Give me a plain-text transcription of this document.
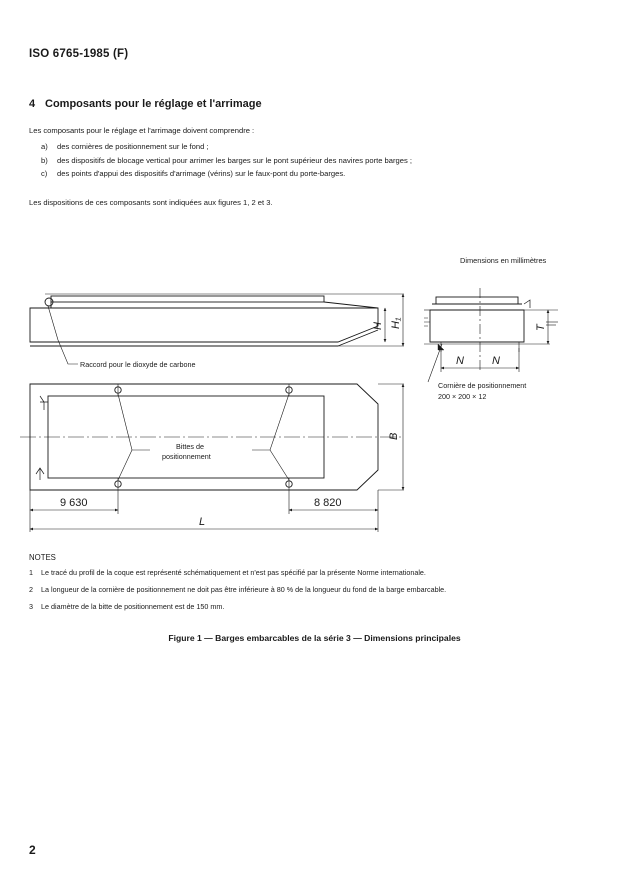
ISO 6765-1985 (F)
4 Composants pour le réglage et l'arrimage
Les composants pour le réglage et l'arrimage doivent comprendre :
a) des cornières de positionnement sur le fond ;
b) des dispositifs de blocage vertical pour arrimer les barges sur le pont supérieur des navires porte barges ;
c) des points d'appui des dispositifs d'arrimage (vérins) sur le faux-pont du porte-barges.
Les dispositions de ces composants sont indiquées aux figures 1, 2 et 3.
Dimensions en millimètres
Raccord pour le dioxyde de carbone
Bittes de
positionnement
Cornière de positionnement
200 × 200 × 12
9 630	8 820
L
B
H H₁	T
N	N
NOTES
1 Le tracé du profil de la coque est représenté schématiquement et n'est pas spécifié par la présente Norme internationale.
2 La longueur de la cornière de positionnement ne doit pas être inférieure à 80 % de la longueur du fond de la barge embarcable.
3 Le diamètre de la bitte de positionnement est de 150 mm.
Figure 1 — Barges embarcables de la série 3 — Dimensions principales
2
